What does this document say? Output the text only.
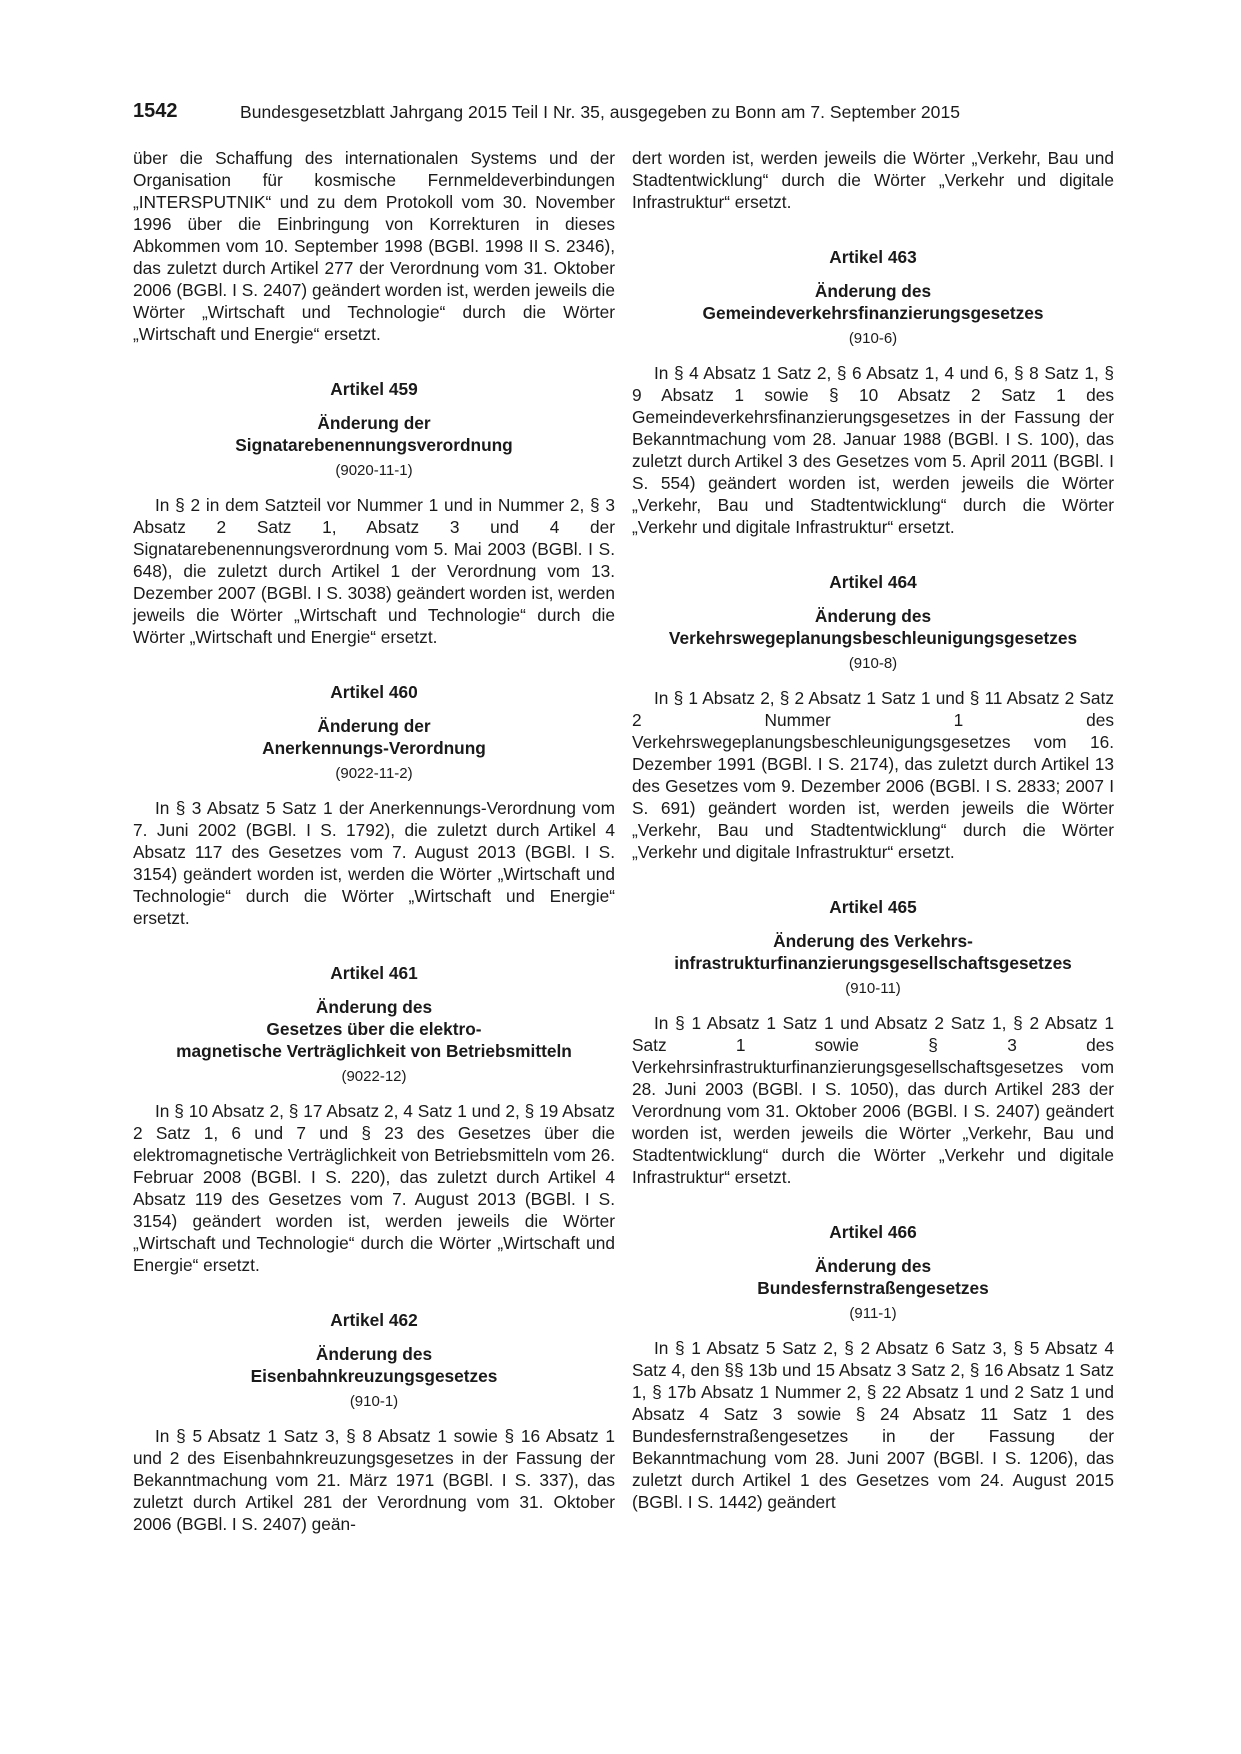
1542	Bundesgesetzblatt Jahrgang 2015 Teil I Nr. 35, ausgegeben zu Bonn am 7. September 2015

über die Schaffung des internationalen Systems und der Organisation für kosmische Fernmeldeverbindungen „INTERSPUTNIK“ und zu dem Protokoll vom 30. November 1996 über die Einbringung von Korrekturen in dieses Abkommen vom 10. September 1998 (BGBl. 1998 II S. 2346), das zuletzt durch Artikel 277 der Verordnung vom 31. Oktober 2006 (BGBl. I S. 2407) geändert worden ist, werden jeweils die Wörter „Wirtschaft und Technologie“ durch die Wörter „Wirtschaft und Energie“ ersetzt.

Artikel 459

Änderung der

Signatarebenennungsverordnung

(9020-11-1)

In § 2 in dem Satzteil vor Nummer 1 und in Nummer 2, § 3 Absatz 2 Satz 1, Absatz 3 und 4 der Signatarebenennungsverordnung vom 5. Mai 2003 (BGBl. I S. 648), die zuletzt durch Artikel 1 der Verordnung vom 13. Dezember 2007 (BGBl. I S. 3038) geändert worden ist, werden jeweils die Wörter „Wirtschaft und Technologie“ durch die Wörter „Wirtschaft und Energie“ ersetzt.

Artikel 460

Änderung der

Anerkennungs-Verordnung

(9022-11-2)

In § 3 Absatz 5 Satz 1 der Anerkennungs-Verordnung vom 7. Juni 2002 (BGBl. I S. 1792), die zuletzt durch Artikel 4 Absatz 117 des Gesetzes vom 7. August 2013 (BGBl. I S. 3154) geändert worden ist, werden die Wörter „Wirtschaft und Technologie“ durch die Wörter „Wirtschaft und Energie“ ersetzt.

Artikel 461

Änderung des

Gesetzes über die elektro-

magnetische Verträglichkeit von Betriebsmitteln

(9022-12)

In § 10 Absatz 2, § 17 Absatz 2, 4 Satz 1 und 2, § 19 Absatz 2 Satz 1, 6 und 7 und § 23 des Gesetzes über die elektromagnetische Verträglichkeit von Betriebsmitteln vom 26. Februar 2008 (BGBl. I S. 220), das zuletzt durch Artikel 4 Absatz 119 des Gesetzes vom 7. August 2013 (BGBl. I S. 3154) geändert worden ist, werden jeweils die Wörter „Wirtschaft und Technologie“ durch die Wörter „Wirtschaft und Energie“ ersetzt.

Artikel 462

Änderung des

Eisenbahnkreuzungsgesetzes

(910-1)

In § 5 Absatz 1 Satz 3, § 8 Absatz 1 sowie § 16 Absatz 1 und 2 des Eisenbahnkreuzungsgesetzes in der Fassung der Bekanntmachung vom 21. März 1971 (BGBl. I S. 337), das zuletzt durch Artikel 281 der Verordnung vom 31. Oktober 2006 (BGBl. I S. 2407) geän-

dert worden ist, werden jeweils die Wörter „Verkehr, Bau und Stadtentwicklung“ durch die Wörter „Verkehr und digitale Infrastruktur“ ersetzt.

Artikel 463

Änderung des

Gemeindeverkehrsfinanzierungsgesetzes

(910-6)

In § 4 Absatz 1 Satz 2, § 6 Absatz 1, 4 und 6, § 8 Satz 1, § 9 Absatz 1 sowie § 10 Absatz 2 Satz 1 des Gemeindeverkehrsfinanzierungsgesetzes in der Fassung der Bekanntmachung vom 28. Januar 1988 (BGBl. I S. 100), das zuletzt durch Artikel 3 des Gesetzes vom 5. April 2011 (BGBl. I S. 554) geändert worden ist, werden jeweils die Wörter „Verkehr, Bau und Stadtentwicklung“ durch die Wörter „Verkehr und digitale Infrastruktur“ ersetzt.

Artikel 464

Änderung des

Verkehrswegeplanungsbeschleunigungsgesetzes

(910-8)

In § 1 Absatz 2, § 2 Absatz 1 Satz 1 und § 11 Absatz 2 Satz 2 Nummer 1 des Verkehrswegeplanungsbeschleunigungsgesetzes vom 16. Dezember 1991 (BGBl. I S. 2174), das zuletzt durch Artikel 13 des Gesetzes vom 9. Dezember 2006 (BGBl. I S. 2833; 2007 I S. 691) geändert worden ist, werden jeweils die Wörter „Verkehr, Bau und Stadtentwicklung“ durch die Wörter „Verkehr und digitale Infrastruktur“ ersetzt.

Artikel 465

Änderung des Verkehrs-

infrastrukturfinanzierungsgesellschaftsgesetzes

(910-11)

In § 1 Absatz 1 Satz 1 und Absatz 2 Satz 1, § 2 Absatz 1 Satz 1 sowie § 3 des Verkehrsinfrastrukturfinanzierungsgesellschaftsgesetzes vom 28. Juni 2003 (BGBl. I S. 1050), das durch Artikel 283 der Verordnung vom 31. Oktober 2006 (BGBl. I S. 2407) geändert worden ist, werden jeweils die Wörter „Verkehr, Bau und Stadtentwicklung“ durch die Wörter „Verkehr und digitale Infrastruktur“ ersetzt.

Artikel 466

Änderung des

Bundesfernstraßengesetzes

(911-1)

In § 1 Absatz 5 Satz 2, § 2 Absatz 6 Satz 3, § 5 Absatz 4 Satz 4, den §§ 13b und 15 Absatz 3 Satz 2, § 16 Absatz 1 Satz 1, § 17b Absatz 1 Nummer 2, § 22 Absatz 1 und 2 Satz 1 und Absatz 4 Satz 3 sowie § 24 Absatz 11 Satz 1 des Bundesfernstraßengesetzes in der Fassung der Bekanntmachung vom 28. Juni 2007 (BGBl. I S. 1206), das zuletzt durch Artikel 1 des Gesetzes vom 24. August 2015 (BGBl. I S. 1442) geändert
